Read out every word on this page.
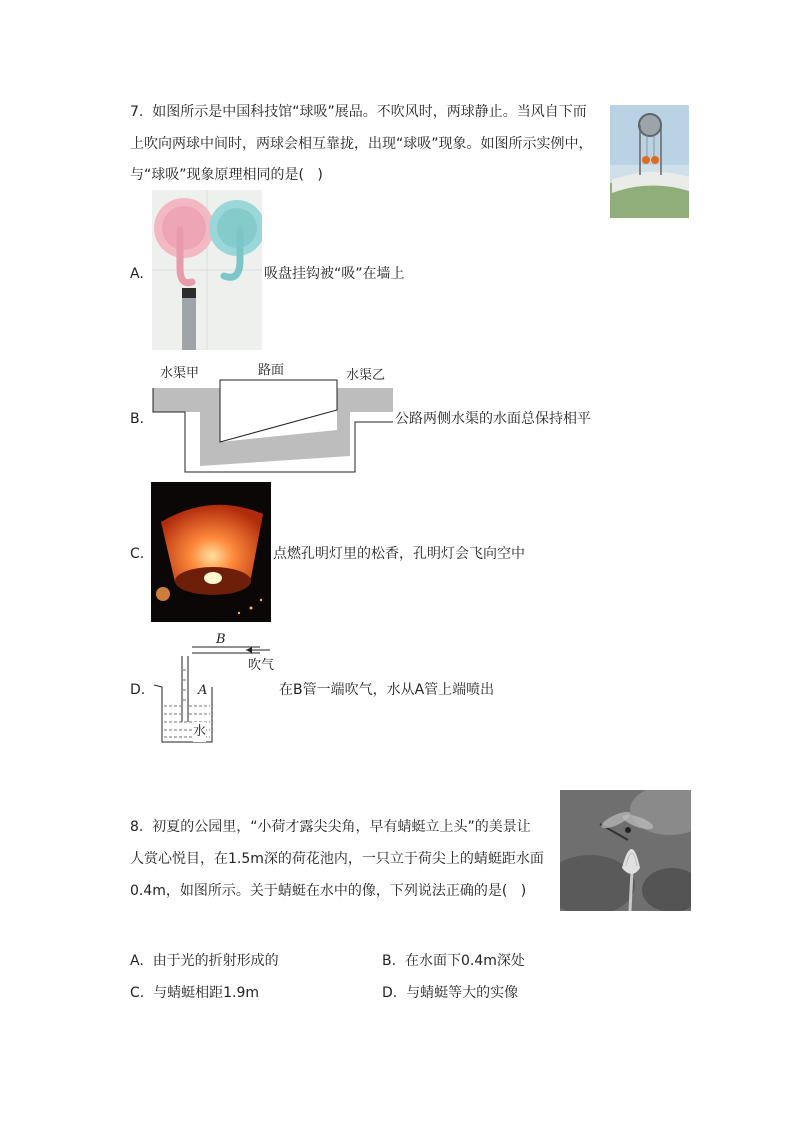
7.  如图所示是中国科技馆“球吸”展品。不吹风时，两球静止。当风自下而
上吹向两球中间时，两球会相互靠拢，出现“球吸”现象。如图所示实例中，
与“球吸”现象原理相同的是(   )
A.	吸盘挂钩被“吸”在墙上
B.
水渠甲	路面	水渠乙
公路两侧水渠的水面总保持相平
C.	点燃孔明灯里的松香，孔明灯会飞向空中
D.
B
A
吹气
水
在B管一端吹气，水从A管上端喷出
8.  初夏的公园里，“小荷才露尖尖角，早有蜻蜓立上头”的美景让
人赏心悦目，在1.5m深的荷花池内，一只立于荷尖上的蜻蜓距水面
0.4m，如图所示。关于蜻蜓在水中的像，下列说法正确的是(   )
A. 由于光的折射形成的	B. 在水面下0.4m深处
C. 与蜻蜓相距1.9m	D. 与蜻蜓等大的实像
